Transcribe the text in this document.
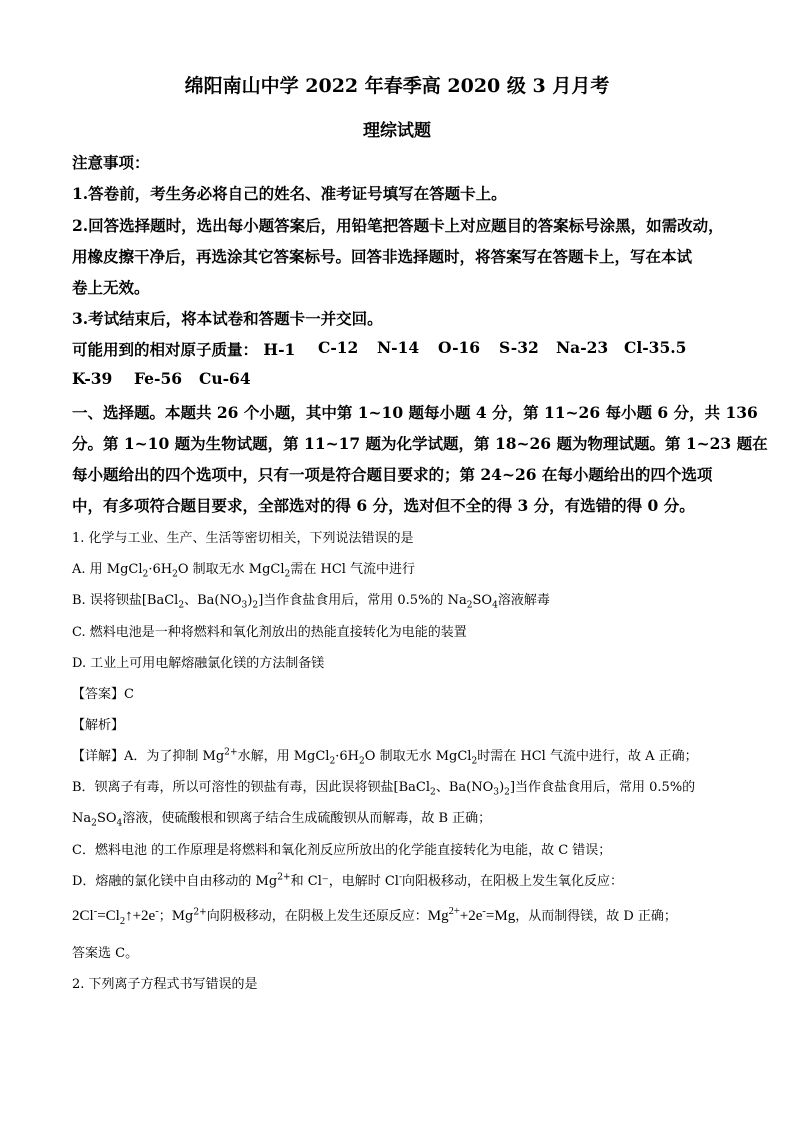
绵阳南山中学 2022 年春季高 2020 级 3 月月考
理综试题
注意事项：
1.答卷前，考生务必将自己的姓名、准考证号填写在答题卡上。
2.回答选择题时，选出每小题答案后，用铅笔把答题卡上对应题目的答案标号涂黑，如需改动，
用橡皮擦干净后，再选涂其它答案标号。回答非选择题时，将答案写在答题卡上，写在本试
卷上无效。
3.考试结束后，将本试卷和答题卡一并交回。
可能用到的相对原子质量： H-1 C-12 N-14 O-16 S-32 Na-23 Cl-35.5
K-39 Fe-56 Cu-64
一、选择题。本题共 26 个小题，其中第 1~10 题每小题 4 分，第 11~26 每小题 6 分，共 136
分。第 1~10 题为生物试题，第 11~17 题为化学试题，第 18~26 题为物理试题。第 1~23 题在
每小题给出的四个选项中，只有一项是符合题目要求的；第 24~26 在每小题给出的四个选项
中，有多项符合题目要求，全部选对的得 6 分，选对但不全的得 3 分，有选错的得 0 分。
1. 化学与工业、生产、生活等密切相关，下列说法错误的是
A. 用 $MgCl_2\cdot 6H_2O$ 制取无水 MgCl$_2$需在 HCl 气流中进行
B. 误将钡盐[BaCl$_2$、$Ba(NO_3)_2$]当作食盐食用后，常用 0.5%的 $Na_2SO_4$溶液解毒
C. 燃料电池是一种将燃料和氧化剂放出的热能直接转化为电能的装置
D. 工业上可用电解熔融氯化镁的方法制备镁
【答案】C
【解析】
【详解】A．为了抑制 $Mg^{2+}$水解，用 $MgCl_2\cdot 6H_2O$ 制取无水 MgCl$_2$时需在 HCl 气流中进行，故 A 正确；
B．钡离子有毒，所以可溶性的钡盐有毒，因此误将钡盐[BaCl$_2$、$Ba(NO_3)_2$]当作食盐食用后，常用 0.5%的
$Na_2SO_4$溶液，使硫酸根和钡离子结合生成硫酸钡从而解毒，故 B 正确；
C．燃料电池 的工作原理是将燃料和氧化剂反应所放出的化学能直接转化为电能，故 C 错误；
D．熔融的氯化镁中自由移动的 $Mg^{2+}$和 Cl⁻，电解时 Cl-向阳极移动，在阳极上发生氧化反应：
$2Cl^-=Cl_2↑+2e^-$；$Mg^{2+}$向阴极移动，在阴极上发生还原反应：$Mg^{2+}+2e^-=Mg$，从而制得镁，故 D 正确；
答案选 C。
2. 下列离子方程式书写错误的是
